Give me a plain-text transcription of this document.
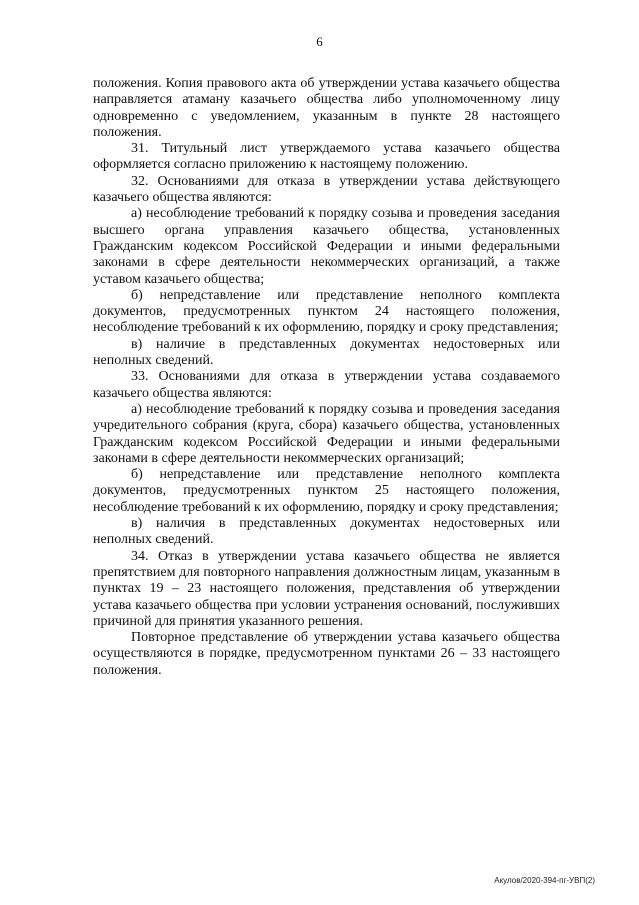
6

положения. Копия правового акта об утверждении устава казачьего общества направляется атаману казачьего общества либо уполномоченному лицу одновременно с уведомлением, указанным в пункте 28 настоящего положения.

31. Титульный лист утверждаемого устава казачьего общества оформляется согласно приложению к настоящему положению.

32. Основаниями для отказа в утверждении устава действующего казачьего общества являются:

а) несоблюдение требований к порядку созыва и проведения заседания высшего органа управления казачьего общества, установленных Гражданским кодексом Российской Федерации и иными федеральными законами в сфере деятельности некоммерческих организаций, а также уставом казачьего общества;

б) непредставление или представление неполного комплекта документов, предусмотренных пунктом 24 настоящего положения, несоблюдение требований к их оформлению, порядку и сроку представления;

в) наличие в представленных документах недостоверных или неполных сведений.

33. Основаниями для отказа в утверждении устава создаваемого казачьего общества являются:

а) несоблюдение требований к порядку созыва и проведения заседания учредительного собрания (круга, сбора) казачьего общества, установленных Гражданским кодексом Российской Федерации и иными федеральными законами в сфере деятельности некоммерческих организаций;

б) непредставление или представление неполного комплекта документов, предусмотренных пунктом 25 настоящего положения, несоблюдение требований к их оформлению, порядку и сроку представления;

в) наличия в представленных документах недостоверных или неполных сведений.

34. Отказ в утверждении устава казачьего общества не является препятствием для повторного направления должностным лицам, указанным в пунктах 19 – 23 настоящего положения, представления об утверждении устава казачьего общества при условии устранения оснований, послуживших причиной для принятия указанного решения.

Повторное представление об утверждении устава казачьего общества осуществляются в порядке, предусмотренном пунктами 26 – 33 настоящего положения.

Акулов/2020-394-пг-УВП(2)
